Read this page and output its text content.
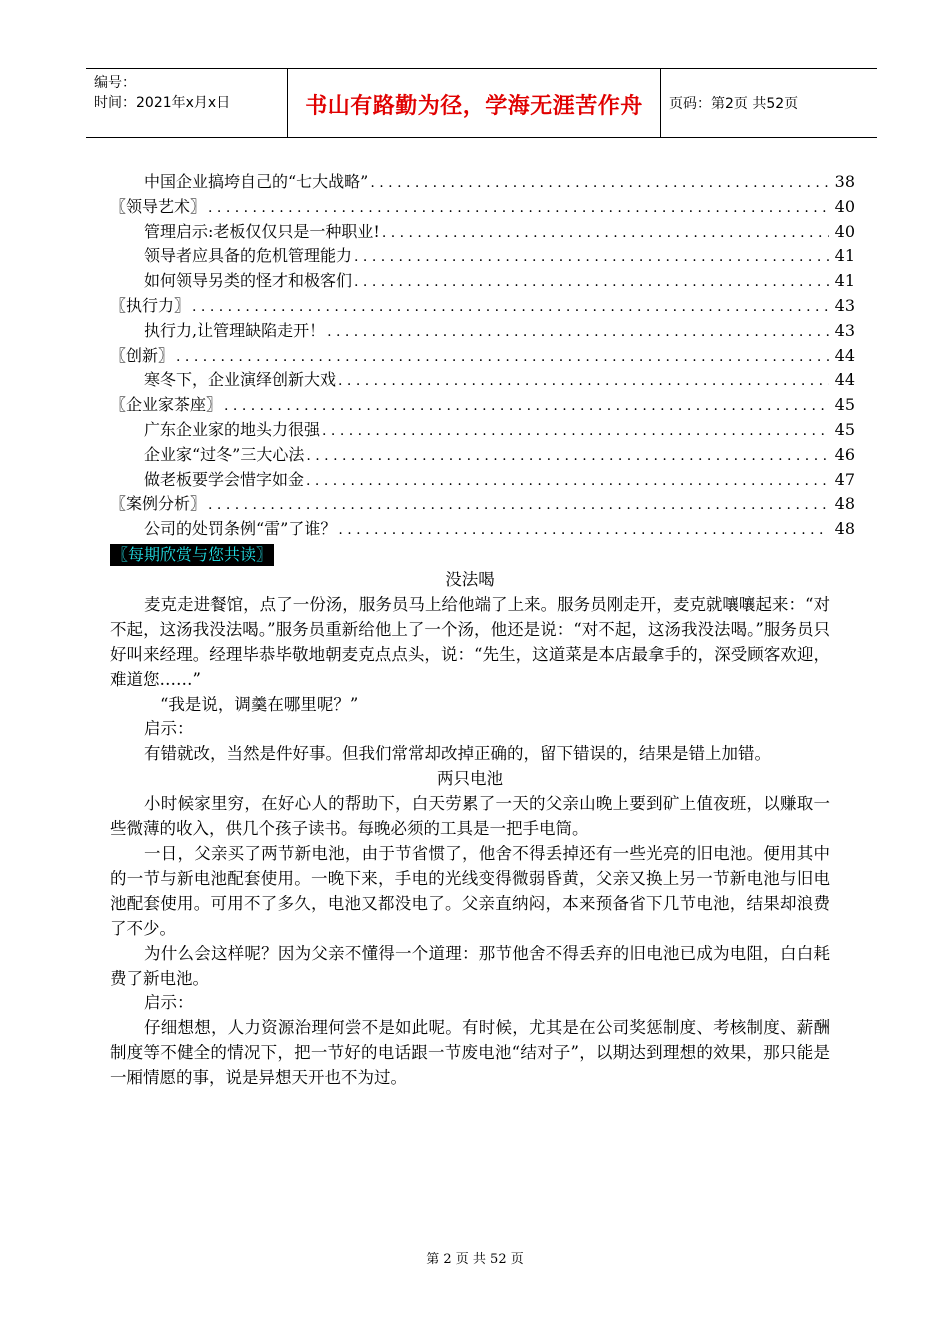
编号：
时间：2021年x月x日	书山有路勤为径，学海无涯苦作舟	页码：第2页 共52页
中国企业搞垮自己的“七大战略” . . .	38
〖领导艺术〗 . . .	40
管理启示:老板仅仅只是一种职业! . . .	40
领导者应具备的危机管理能力 . . .	41
如何领导另类的怪才和极客们 . . .	41
〖执行力〗 . . .	43
执行力,让管理缺陷走开！ . . .	43
〖创新〗 . . .	44
寒冬下，企业演绎创新大戏 . . .	44
〖企业家茶座〗 . . .	45
广东企业家的地头力很强 . . .	45
企业家“过冬”三大心法 . . .	46
做老板要学会惜字如金 . . .	47
〖案例分析〗 . . .	48
公司的处罚条例“雷”了谁？ . . .	48
〖每期欣赏与您共读〗

没法喝

麦克走进餐馆，点了一份汤，服务员马上给他端了上来。服务员刚走开，麦克就嚷嚷起来：“对不起，这汤我没法喝。”服务员重新给他上了一个汤，他还是说：“对不起，这汤我没法喝。”服务员只好叫来经理。经理毕恭毕敬地朝麦克点点头，说：“先生，这道菜是本店最拿手的，深受顾客欢迎，难道您……”

“我是说，调羹在哪里呢？”

启示：

有错就改，当然是件好事。但我们常常却改掉正确的，留下错误的，结果是错上加错。

两只电池

小时候家里穷，在好心人的帮助下，白天劳累了一天的父亲山晚上要到矿上值夜班，以赚取一些微薄的收入，供几个孩子读书。每晚必须的工具是一把手电筒。

一日，父亲买了两节新电池，由于节省惯了，他舍不得丢掉还有一些光亮的旧电池。便用其中的一节与新电池配套使用。一晚下来，手电的光线变得微弱昏黄，父亲又换上另一节新电池与旧电池配套使用。可用不了多久，电池又都没电了。父亲直纳闷，本来预备省下几节电池，结果却浪费了不少。

为什么会这样呢？因为父亲不懂得一个道理：那节他舍不得丢弃的旧电池已成为电阻，白白耗费了新电池。

启示：

仔细想想，人力资源治理何尝不是如此呢。有时候，尤其是在公司奖惩制度、考核制度、薪酬制度等不健全的情况下，把一节好的电话跟一节废电池“结对子”，以期达到理想的效果，那只能是一厢情愿的事，说是异想天开也不为过。

第 2 页 共 52 页
